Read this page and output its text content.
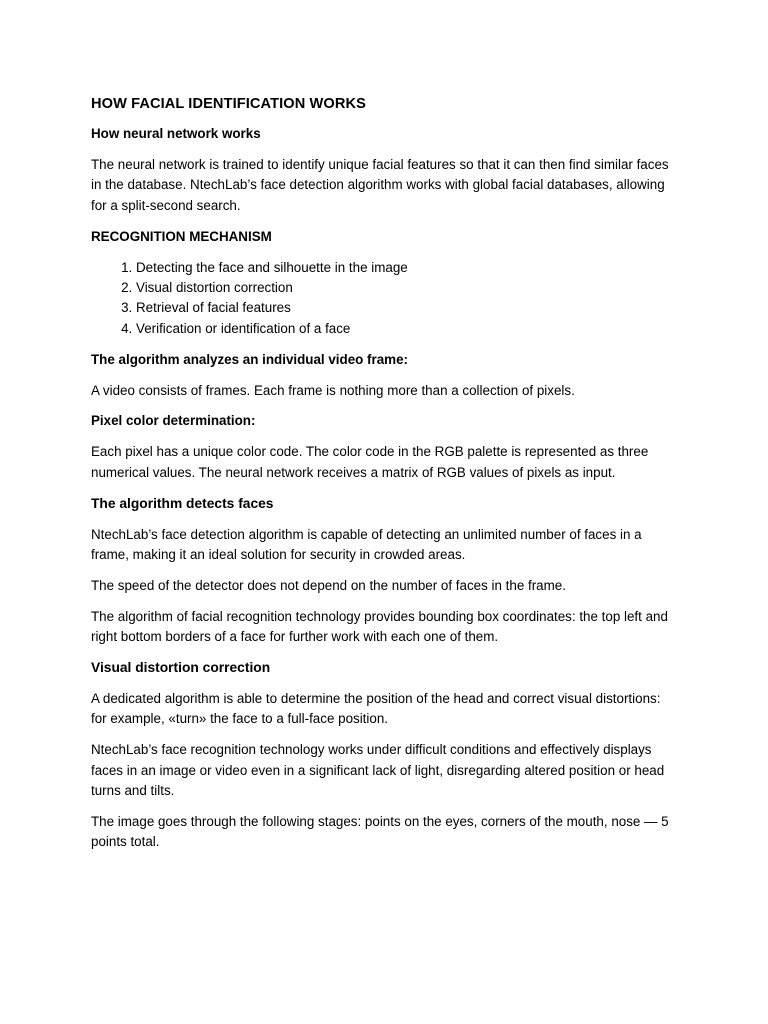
HOW FACIAL IDENTIFICATION WORKS

How neural network works

The neural network is trained to identify unique facial features so that it can then find similar faces in the database. NtechLab’s face detection algorithm works with global facial databases, allowing for a split-second search.

RECOGNITION MECHANISM

1. Detecting the face and silhouette in the image
2. Visual distortion correction
3. Retrieval of facial features
4. Verification or identification of a face

The algorithm analyzes an individual video frame:

A video consists of frames. Each frame is nothing more than a collection of pixels.

Pixel color determination:

Each pixel has a unique color code. The color code in the RGB palette is represented as three numerical values. The neural network receives a matrix of RGB values of pixels as input.

The algorithm detects faces

NtechLab’s face detection algorithm is capable of detecting an unlimited number of faces in a frame, making it an ideal solution for security in crowded areas.

The speed of the detector does not depend on the number of faces in the frame.

The algorithm of facial recognition technology provides bounding box coordinates: the top left and right bottom borders of a face for further work with each one of them.

Visual distortion correction

A dedicated algorithm is able to determine the position of the head and correct visual distortions: for example, «turn» the face to a full-face position.

NtechLab’s face recognition technology works under difficult conditions and effectively displays faces in an image or video even in a significant lack of light, disregarding altered position or head turns and tilts.

The image goes through the following stages: points on the eyes, corners of the mouth, nose — 5 points total.
